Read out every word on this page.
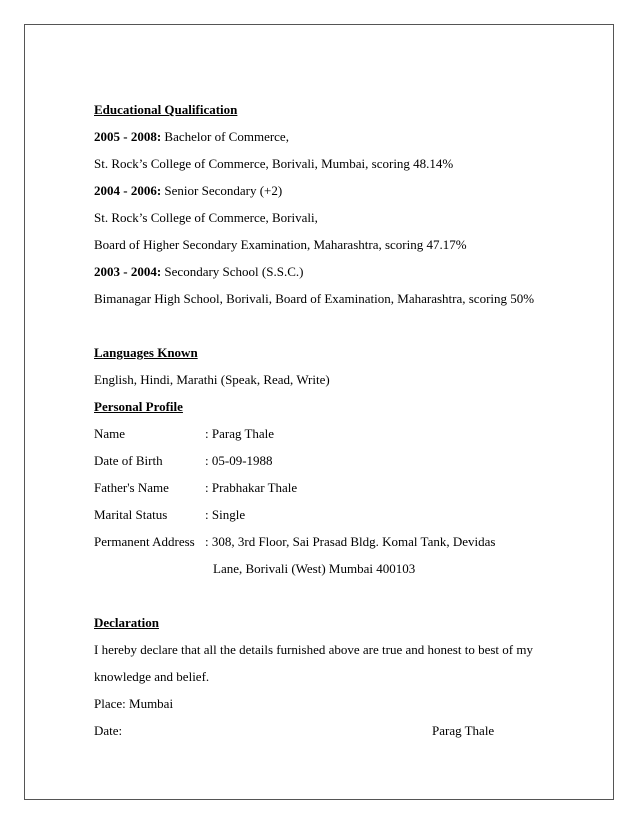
Educational Qualification
2005 - 2008: Bachelor of Commerce,
St. Rock’s College of Commerce, Borivali, Mumbai, scoring 48.14%
2004 - 2006: Senior Secondary (+2)
St. Rock’s College of Commerce, Borivali,
Board of Higher Secondary Examination, Maharashtra, scoring 47.17%
2003 - 2004: Secondary School (S.S.C.)
Bimanagar High School, Borivali, Board of Examination, Maharashtra, scoring 50%
Languages Known
English, Hindi, Marathi (Speak, Read, Write)
Personal Profile
Name	: Parag Thale
Date of Birth	: 05-09-1988
Father's Name	: Prabhakar Thale
Marital Status	: Single
Permanent Address : 308, 3rd Floor, Sai Prasad Bldg. Komal Tank, Devidas
Lane, Borivali (West) Mumbai 400103
Declaration
I hereby declare that all the details furnished above are true and honest to best of my
knowledge and belief.
Place: Mumbai
Date:	Parag Thale
